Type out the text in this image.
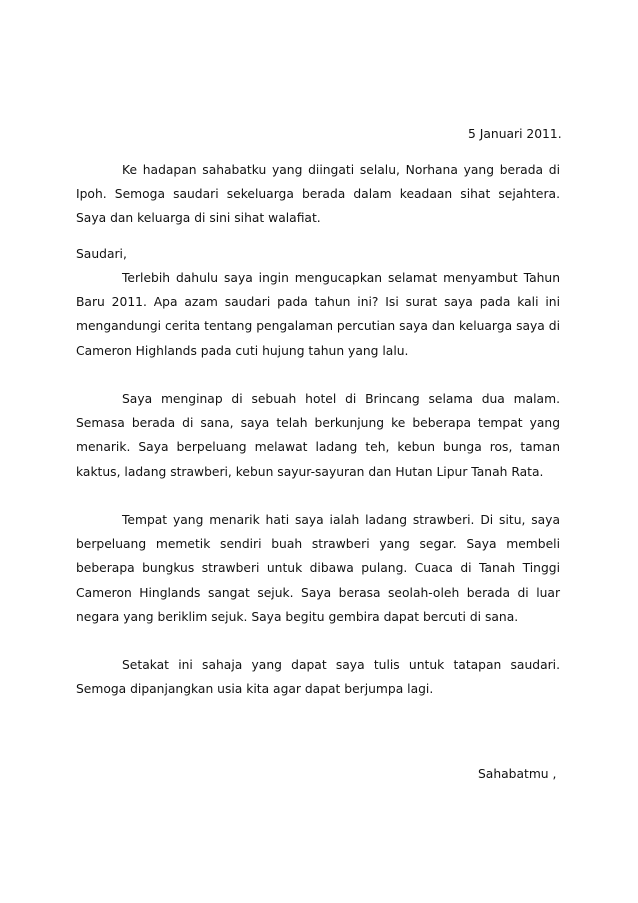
5 Januari 2011.

Ke hadapan sahabatku yang diingati selalu, Norhana yang berada di Ipoh. Semoga saudari sekeluarga berada dalam keadaan sihat sejahtera. Saya dan keluarga di sini sihat walafiat.

Saudari,

Terlebih dahulu saya ingin mengucapkan selamat menyambut Tahun Baru 2011. Apa azam saudari pada tahun ini? Isi surat saya pada kali ini mengandungi cerita tentang pengalaman percutian saya dan keluarga saya di Cameron Highlands pada cuti hujung tahun yang lalu.

Saya menginap di sebuah hotel di Brincang selama dua malam. Semasa berada di sana, saya telah berkunjung ke beberapa tempat yang menarik. Saya berpeluang melawat ladang teh, kebun bunga ros, taman kaktus, ladang strawberi, kebun sayur-sayuran dan Hutan Lipur Tanah Rata.

Tempat yang menarik hati saya ialah ladang strawberi. Di situ, saya berpeluang memetik sendiri buah strawberi yang segar. Saya membeli beberapa bungkus strawberi untuk dibawa pulang. Cuaca di Tanah Tinggi Cameron Hinglands sangat sejuk. Saya berasa seolah-oleh berada di luar negara yang beriklim sejuk. Saya begitu gembira dapat bercuti di sana.

Setakat ini sahaja yang dapat saya tulis untuk tatapan saudari. Semoga dipanjangkan usia kita agar dapat berjumpa lagi.

Sahabatmu ,
